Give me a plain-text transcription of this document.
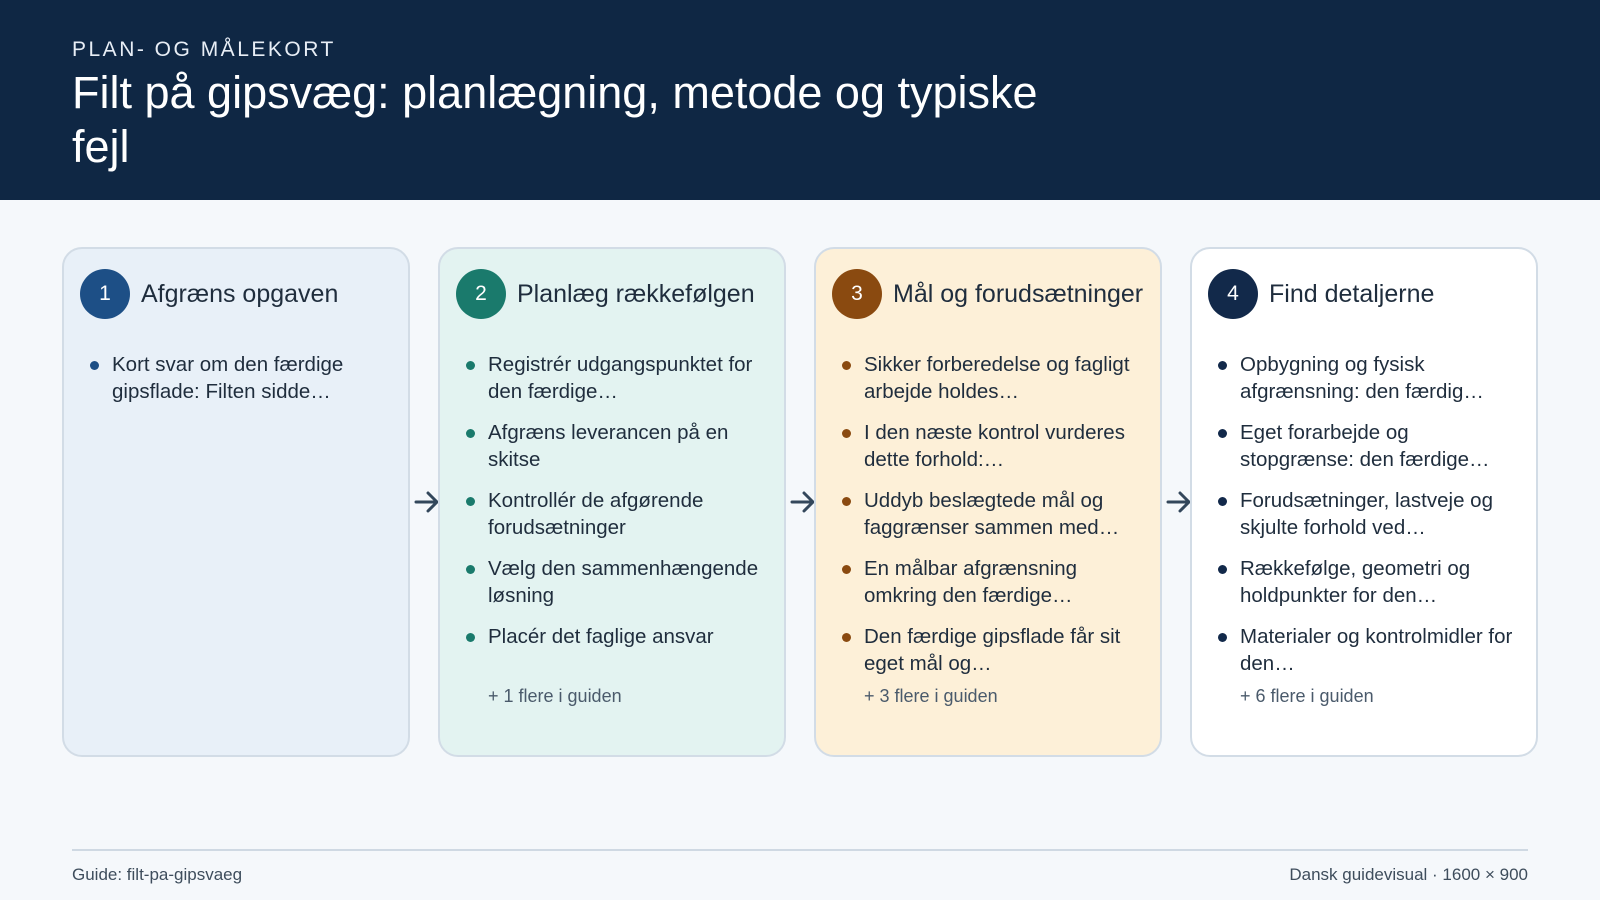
PLAN- OG MÅLEKORT
Filt på gipsvæg: planlægning, metode og typiske fejl
1	Afgræns opgaven
Kort svar om den færdige gipsflade: Filten sidde…
2	Planlæg rækkefølgen
Registrér udgangspunktet for den færdige…
Afgræns leverancen på en skitse
Kontrollér de afgørende forudsætninger
Vælg den sammenhængende løsning
Placér det faglige ansvar
+ 1 flere i guiden
3	Mål og forudsætninger
Sikker forberedelse og fagligt arbejde holdes…
I den næste kontrol vurderes dette forhold:…
Uddyb beslægtede mål og faggrænser sammen med…
En målbar afgrænsning omkring den færdige…
Den færdige gipsflade får sit eget mål og…
+ 3 flere i guiden
4	Find detaljerne
Opbygning og fysisk afgrænsning: den færdig…
Eget forarbejde og stopgrænse: den færdige…
Forudsætninger, lastveje og skjulte forhold ved…
Rækkefølge, geometri og holdpunkter for den…
Materialer og kontrolmidler for den…
+ 6 flere i guiden
Guide: filt-pa-gipsvaeg	Dansk guidevisual · 1600 × 900
